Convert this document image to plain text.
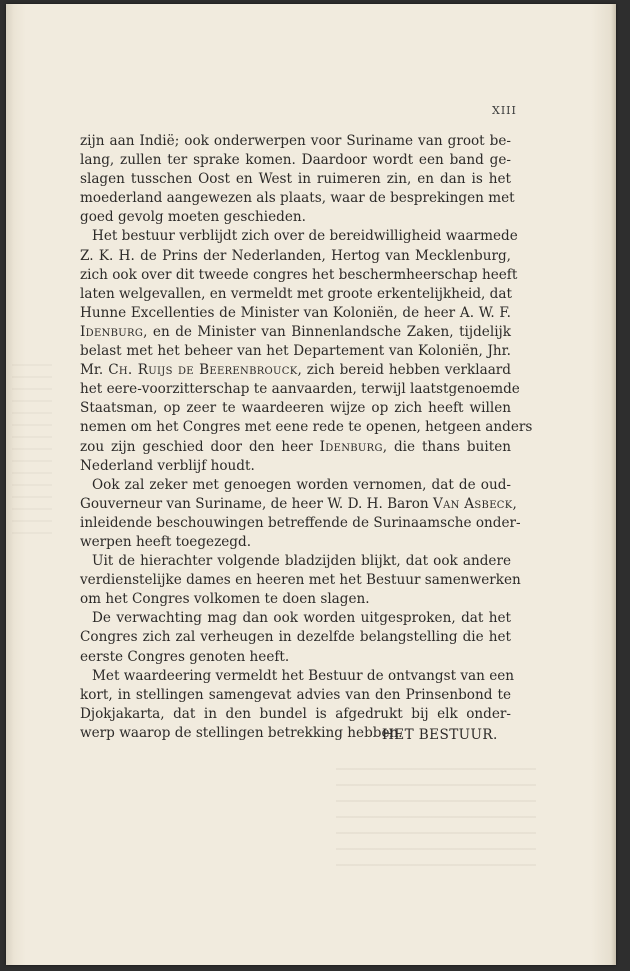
XIII
zijn aan Indië; ook onderwerpen voor Suriname van groot be-
lang, zullen ter sprake komen. Daardoor wordt een band ge-
slagen tusschen Oost en West in ruimeren zin, en dan is het
moederland aangewezen als plaats, waar de besprekingen met
goed gevolg moeten geschieden.
Het bestuur verblijdt zich over de bereidwilligheid waarmede
Z. K. H. de Prins der Nederlanden, Hertog van Mecklenburg,
zich ook over dit tweede congres het beschermheerschap heeft
laten welgevallen, en vermeldt met groote erkentelijkheid, dat
Hunne Excellenties de Minister van Koloniën, de heer A. W. F.
Idenburg, en de Minister van Binnenlandsche Zaken, tijdelijk
belast met het beheer van het Departement van Koloniën, Jhr.
Mr. Ch. Ruijs de Beerenbrouck, zich bereid hebben verklaard
het eere-voorzitterschap te aanvaarden, terwijl laatstgenoemde
Staatsman, op zeer te waardeeren wijze op zich heeft willen
nemen om het Congres met eene rede te openen, hetgeen anders
zou zijn geschied door den heer Idenburg, die thans buiten
Nederland verblijf houdt.
Ook zal zeker met genoegen worden vernomen, dat de oud-
Gouverneur van Suriname, de heer W. D. H. Baron Van Asbeck,
inleidende beschouwingen betreffende de Surinaamsche onder-
werpen heeft toegezegd.
Uit de hierachter volgende bladzijden blijkt, dat ook andere
verdienstelijke dames en heeren met het Bestuur samenwerken
om het Congres volkomen te doen slagen.
De verwachting mag dan ook worden uitgesproken, dat het
Congres zich zal verheugen in dezelfde belangstelling die het
eerste Congres genoten heeft.
Met waardeering vermeldt het Bestuur de ontvangst van een
kort, in stellingen samengevat advies van den Prinsenbond te
Djokjakarta, dat in den bundel is afgedrukt bij elk onder-
werp waarop de stellingen betrekking hebben.
HET BESTUUR.
